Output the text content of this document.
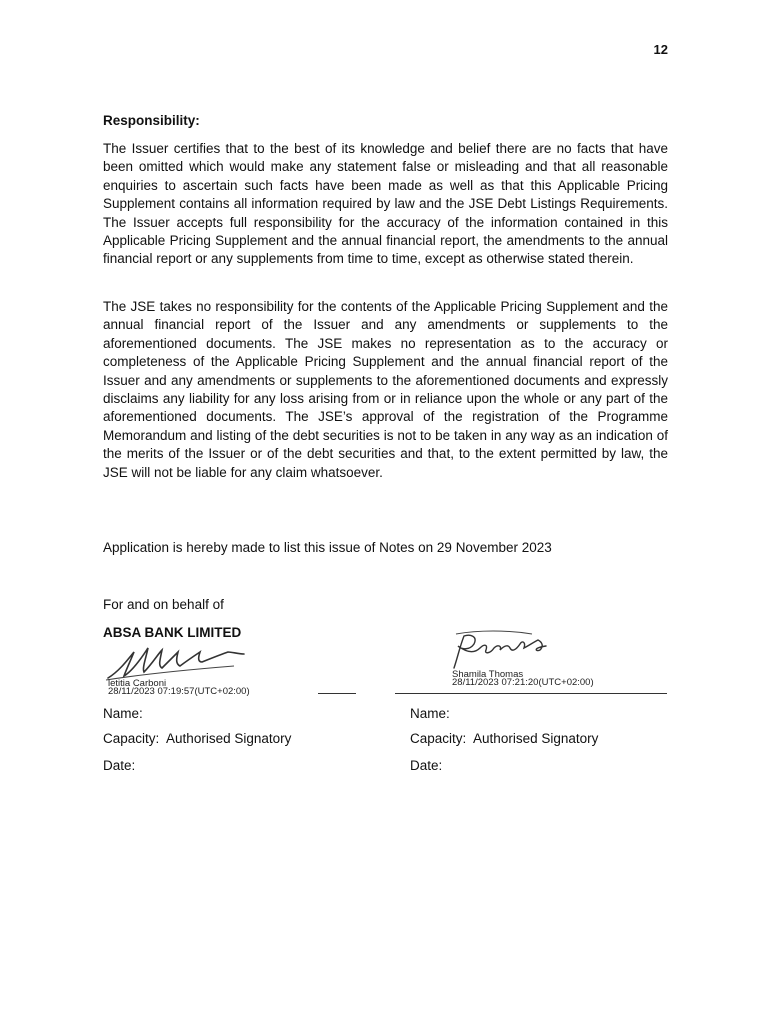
12
Responsibility:

The Issuer certifies that to the best of its knowledge and belief there are no facts that have been omitted which would make any statement false or misleading and that all reasonable enquiries to ascertain such facts have been made as well as that this Applicable Pricing Supplement contains all information required by law and the JSE Debt Listings Requirements. The Issuer accepts full responsibility for the accuracy of the information contained in this Applicable Pricing Supplement and the annual financial report, the amendments to the annual financial report or any supplements from time to time, except as otherwise stated therein.

The JSE takes no responsibility for the contents of the Applicable Pricing Supplement and the annual financial report of the Issuer and any amendments or supplements to the aforementioned documents. The JSE makes no representation as to the accuracy or completeness of the Applicable Pricing Supplement and the annual financial report of the Issuer and any amendments or supplements to the aforementioned documents and expressly disclaims any liability for any loss arising from or in reliance upon the whole or any part of the aforementioned documents. The JSE’s approval of the registration of the Programme Memorandum and listing of the debt securities is not to be taken in any way as an indication of the merits of the Issuer or of the debt securities and that, to the extent permitted by law, the JSE will not be liable for any claim whatsoever.

Application is hereby made to list this issue of Notes on 29 November 2023
For and on behalf of
ABSA BANK LIMITED
letitia Carboni
28/11/2023 07:19:57(UTC+02:00)
Shamila Thomas
28/11/2023 07:21:20(UTC+02:00)
Name:
Capacity: Authorised Signatory
Date:
Name:
Capacity: Authorised Signatory
Date:
